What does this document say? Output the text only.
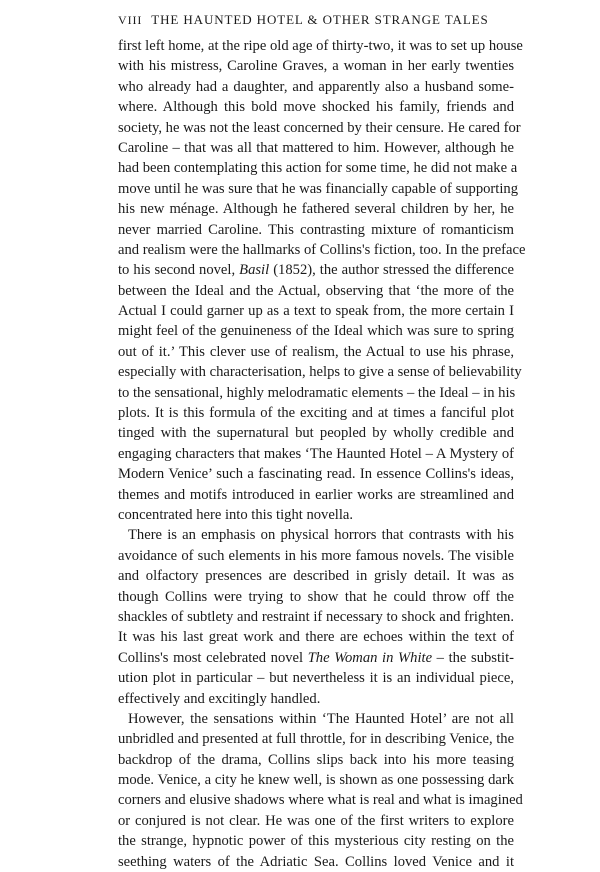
VIII THE HAUNTED HOTEL & OTHER STRANGE TALES

first left home, at the ripe old age of thirty-two, it was to set up house
with his mistress, Caroline Graves, a woman in her early twenties
who already had a daughter, and apparently also a husband some-
where. Although this bold move shocked his family, friends and
society, he was not the least concerned by their censure. He cared for
Caroline – that was all that mattered to him. However, although he
had been contemplating this action for some time, he did not make a
move until he was sure that he was financially capable of supporting
his new ménage. Although he fathered several children by her, he
never married Caroline. This contrasting mixture of romanticism
and realism were the hallmarks of Collins's fiction, too. In the preface
to his second novel, Basil (1852), the author stressed the difference
between the Ideal and the Actual, observing that ‘the more of the
Actual I could garner up as a text to speak from, the more certain I
might feel of the genuineness of the Ideal which was sure to spring
out of it.’ This clever use of realism, the Actual to use his phrase,
especially with characterisation, helps to give a sense of believability
to the sensational, highly melodramatic elements – the Ideal – in his
plots. It is this formula of the exciting and at times a fanciful plot
tinged with the supernatural but peopled by wholly credible and
engaging characters that makes ‘The Haunted Hotel – A Mystery of
Modern Venice’ such a fascinating read. In essence Collins's ideas,
themes and motifs introduced in earlier works are streamlined and
concentrated here into this tight novella.

There is an emphasis on physical horrors that contrasts with his
avoidance of such elements in his more famous novels. The visible
and olfactory presences are described in grisly detail. It was as
though Collins were trying to show that he could throw off the
shackles of subtlety and restraint if necessary to shock and frighten.
It was his last great work and there are echoes within the text of
Collins's most celebrated novel The Woman in White – the substit-
ution plot in particular – but nevertheless it is an individual piece,
effectively and excitingly handled.

However, the sensations within ‘The Haunted Hotel’ are not all
unbridled and presented at full throttle, for in describing Venice, the
backdrop of the drama, Collins slips back into his more teasing
mode. Venice, a city he knew well, is shown as one possessing dark
corners and elusive shadows where what is real and what is imagined
or conjured is not clear. He was one of the first writers to explore
the strange, hypnotic power of this mysterious city resting on the
seething waters of the Adriatic Sea. Collins loved Venice and it
